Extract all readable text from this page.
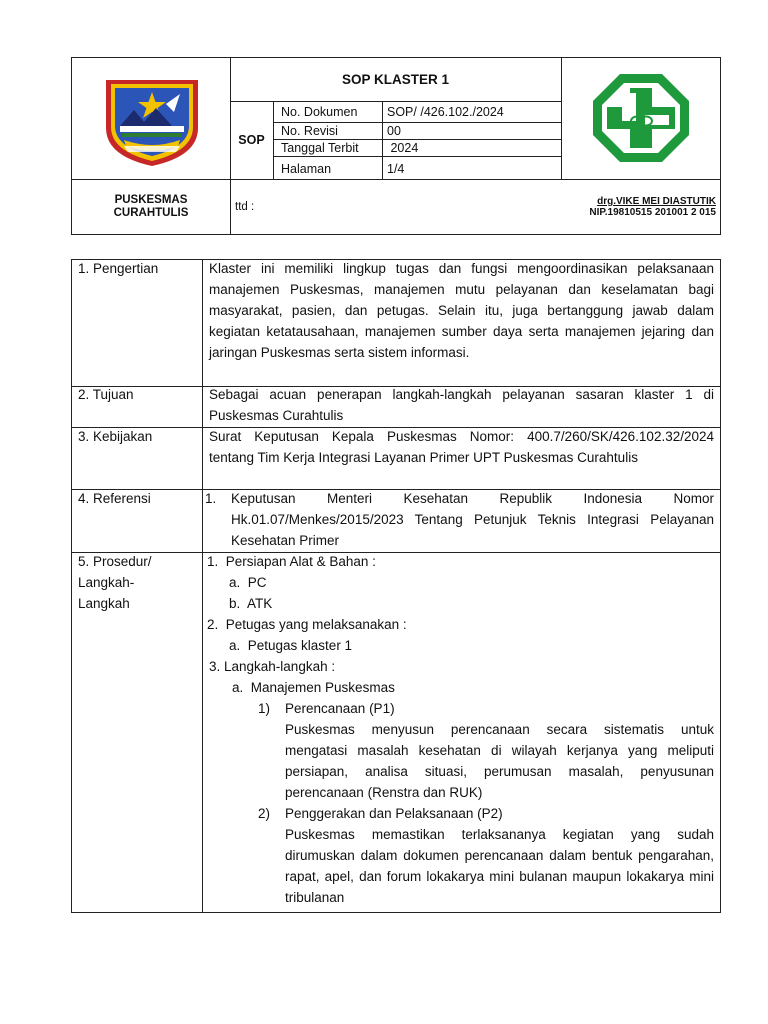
SOP KLASTER 1
SOP
No. Dokumen SOP/ /426.102./2024
No. Revisi	00
Tanggal Terbit 2024
Halaman	1/4
PUSKESMAS
CURAHTULIS	ttd :	drg.VIKE MEI DIASTUTIK
NIP.19810515 201001 2 015
1. Pengertian	Klaster ini memiliki lingkup tugas dan fungsi mengoordinasikan pelaksanaan manajemen Puskesmas, manajemen mutu pelayanan dan keselamatan bagi masyarakat, pasien, dan petugas. Selain itu, juga bertanggung jawab dalam kegiatan ketatausahaan, manajemen sumber daya serta manajemen jejaring dan jaringan Puskesmas serta sistem informasi.
2. Tujuan	Sebagai acuan penerapan langkah-langkah pelayanan sasaran klaster 1 di Puskesmas Curahtulis
3. Kebijakan	Surat Keputusan Kepala Puskesmas Nomor: 400.7/260/SK/426.102.32/2024 tentang Tim Kerja Integrasi Layanan Primer UPT Puskesmas Curahtulis
4. Referensi	1. Keputusan Menteri Kesehatan Republik Indonesia Nomor Hk.01.07/Menkes/2015/2023 Tentang Petunjuk Teknis Integrasi Pelayanan Kesehatan Primer
5. Prosedur/
Langkah-
Langkah
1.  Persiapan Alat & Bahan :
a.  PC
b.  ATK
2.  Petugas yang melaksanakan :
a.  Petugas klaster 1
3. Langkah-langkah :
a.  Manajemen Puskesmas
1) Perencanaan (P1)
Puskesmas menyusun perencanaan secara sistematis untuk mengatasi masalah kesehatan di wilayah kerjanya yang meliputi persiapan, analisa situasi, perumusan masalah, penyusunan perencanaan (Renstra dan RUK)
2) Penggerakan dan Pelaksanaan (P2)
Puskesmas memastikan terlaksananya kegiatan yang sudah dirumuskan dalam dokumen perencanaan dalam bentuk pengarahan, rapat, apel, dan forum lokakarya mini bulanan maupun lokakarya mini tribulanan
